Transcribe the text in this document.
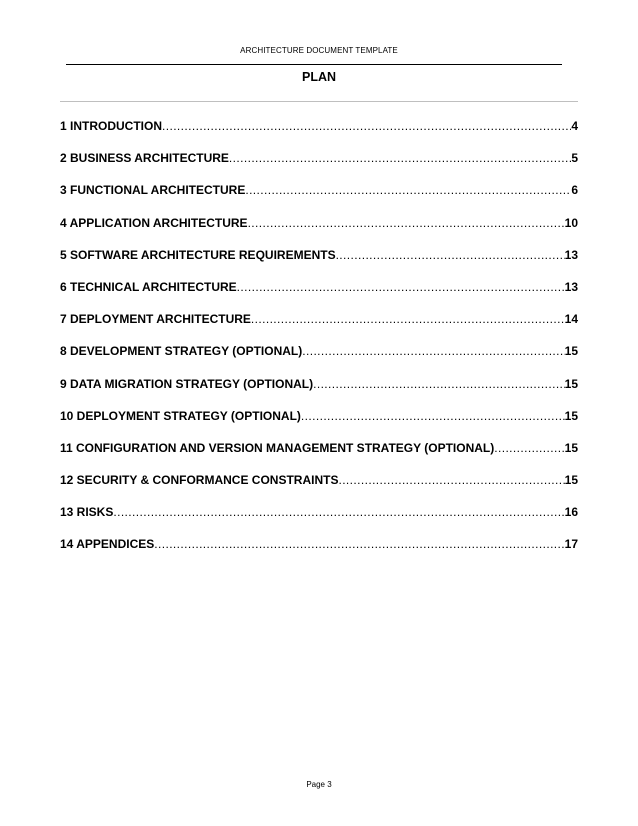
ARCHITECTURE DOCUMENT TEMPLATE
PLAN
1 INTRODUCTION .....	4
2 BUSINESS ARCHITECTURE .....	5
3 FUNCTIONAL ARCHITECTURE .....	6
4 APPLICATION ARCHITECTURE .....	10
5 SOFTWARE ARCHITECTURE REQUIREMENTS .....	13
6 TECHNICAL ARCHITECTURE .....	13
7 DEPLOYMENT ARCHITECTURE .....	14
8 DEVELOPMENT STRATEGY (OPTIONAL) .....	15
9 DATA MIGRATION STRATEGY (OPTIONAL) .....	15
10 DEPLOYMENT STRATEGY (OPTIONAL) .....	15
11 CONFIGURATION AND VERSION MANAGEMENT STRATEGY (OPTIONAL) .....	15
12 SECURITY & CONFORMANCE CONSTRAINTS .....	15
13 RISKS .....	16
14 APPENDICES .....	17
Page 3
